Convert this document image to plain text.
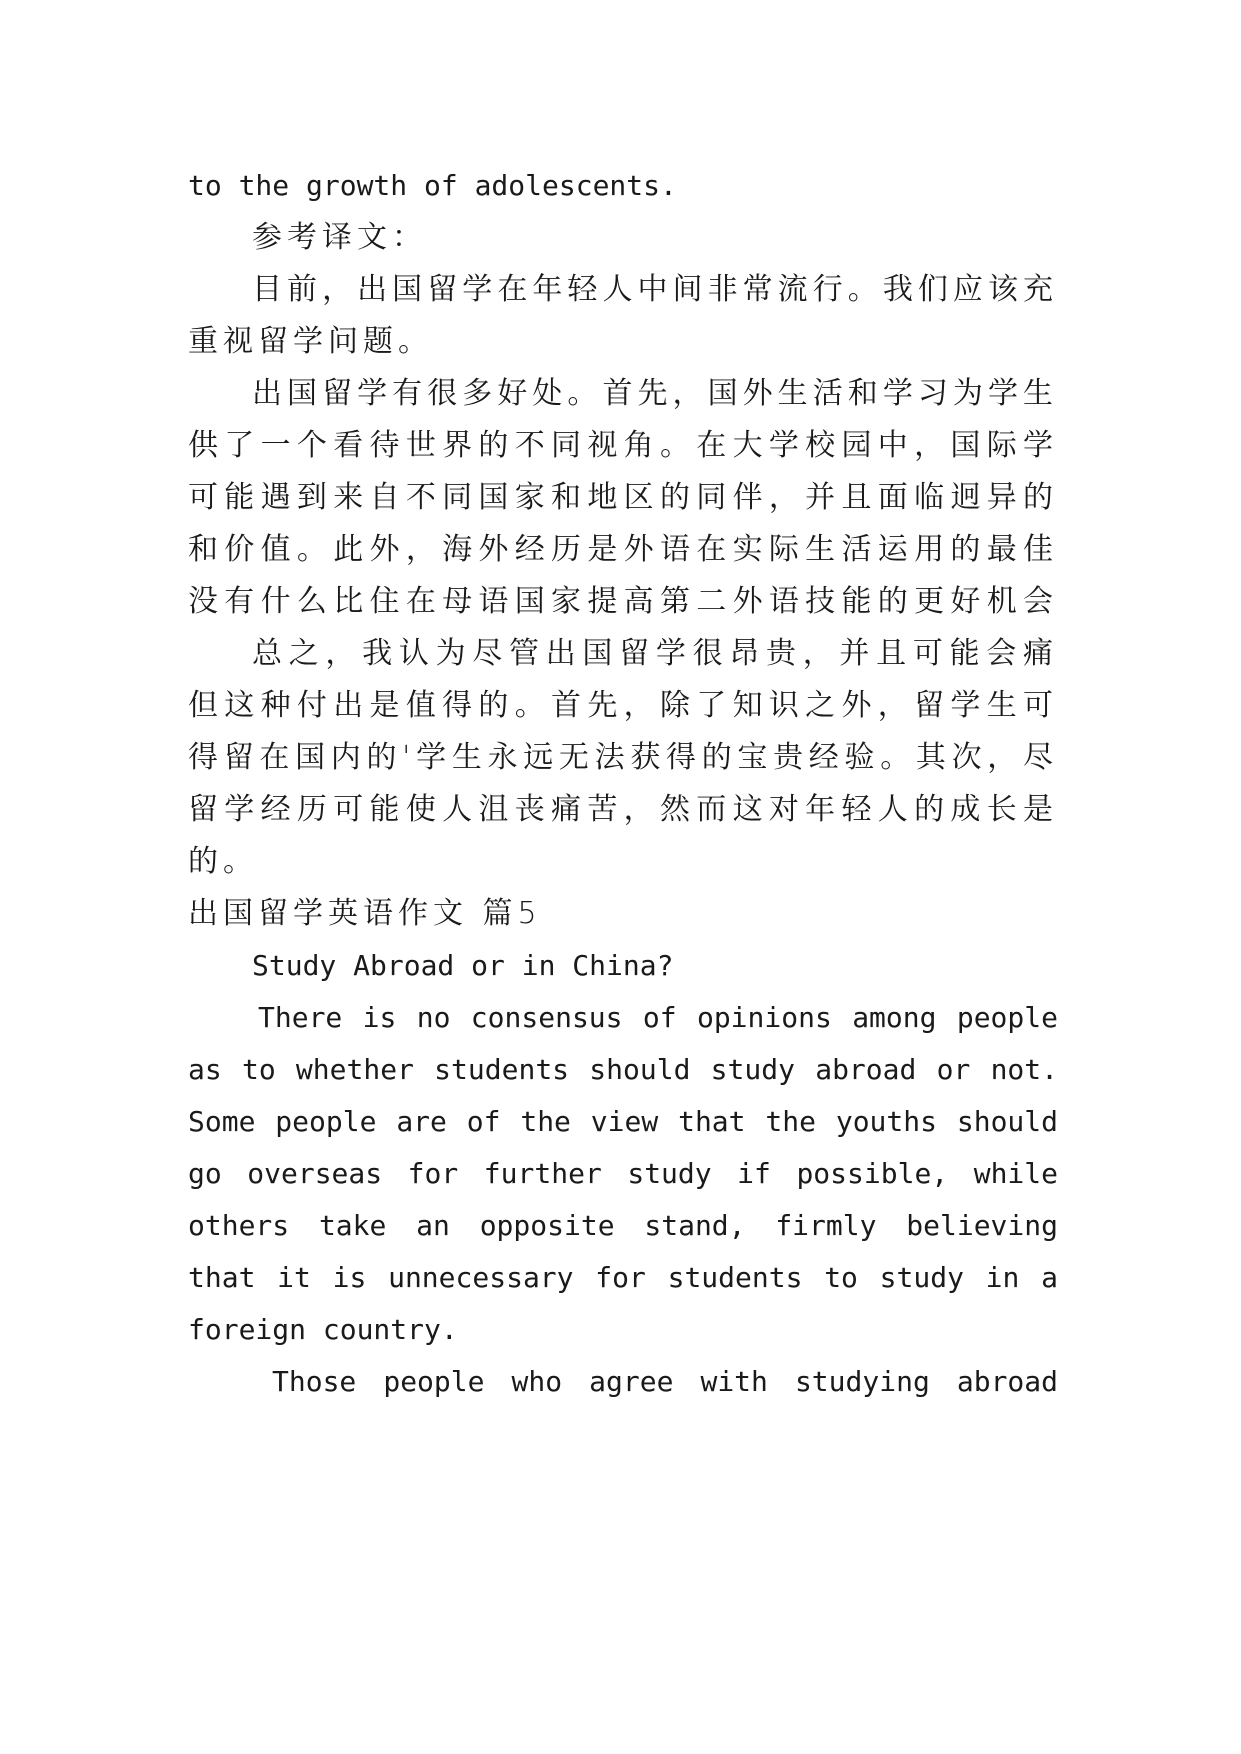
to the growth of adolescents.
参考译文：
目前，出国留学在年轻人中间非常流行。我们应该充
重视留学问题。
出国留学有很多好处。首先，国外生活和学习为学生
供了一个看待世界的不同视角。在大学校园中，国际学
可能遇到来自不同国家和地区的同伴，并且面临迥异的
和价值。此外，海外经历是外语在实际生活运用的最佳
没有什么比住在母语国家提高第二外语技能的更好机会
总之，我认为尽管出国留学很昂贵，并且可能会痛
但这种付出是值得的。首先，除了知识之外，留学生可
得留在国内的'学生永远无法获得的宝贵经验。其次，尽
留学经历可能使人沮丧痛苦，然而这对年轻人的成长是
的。
出国留学英语作文 篇5
Study Abroad or in China?
There is no consensus of opinions among people
as to whether students should study abroad or not.
Some people are of the view that the youths should
go overseas for further study if possible, while
others take an opposite stand, firmly believing
that it is unnecessary for students to study in a
foreign country.
Those people who agree with studying abroad
